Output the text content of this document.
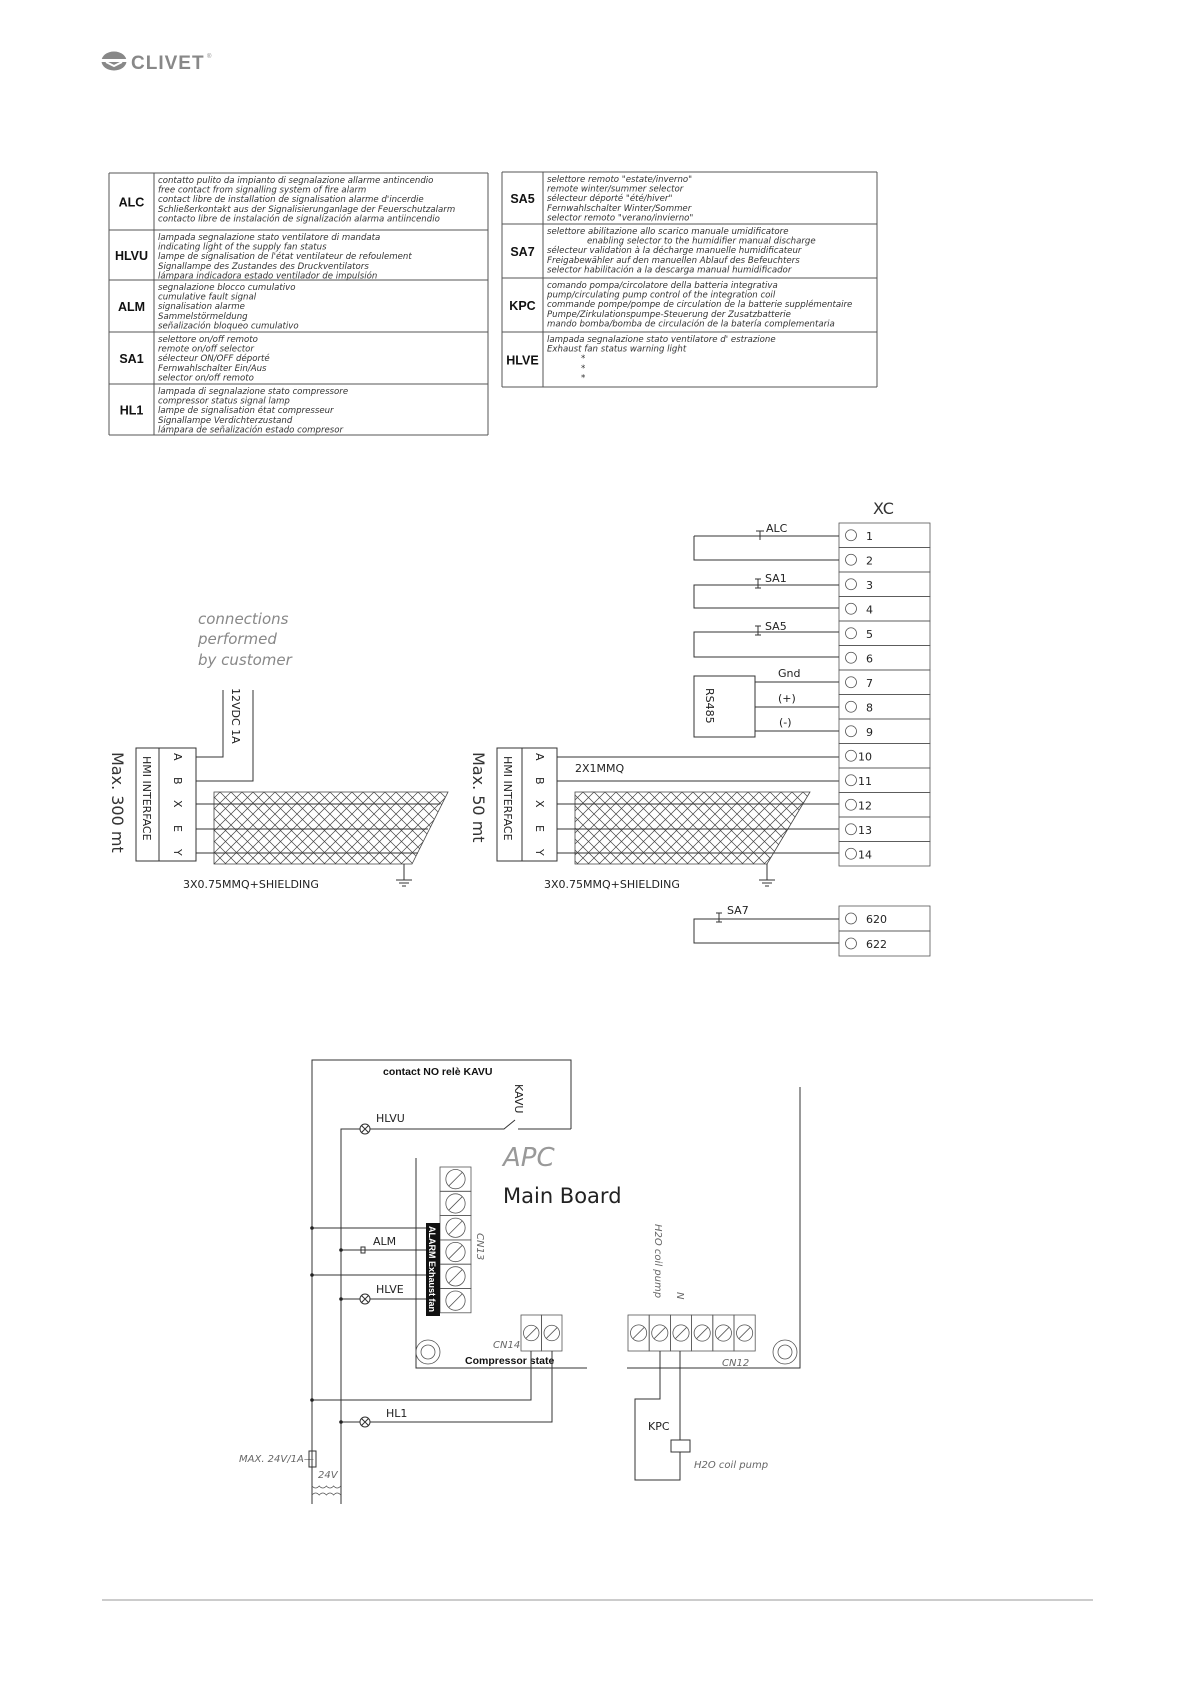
CLIVET ®
ALC
contatto pulito da impianto di segnalazione allarme antincendio
free contact from signalling system of fire alarm
contact libre de installation de signalisation alarme d'incerdie
Schließerkontakt aus der Signalisierunganlage der Feuerschutzalarm
contacto libre de instalación de signalización alarma antiincendio
HLVU
lampada segnalazione stato ventilatore di mandata
indicating light of the supply fan status
lampe de signalisation de l'état ventilateur de refoulement
Signallampe des Zustandes des Druckventilators
lámpara indicadora estado ventilador de impulsión
ALM
segnalazione blocco cumulativo
cumulative fault signal
signalisation alarme
Sammelstörmeldung
señalización bloqueo cumulativo
SA1
selettore on/off remoto
remote on/off selector
sélecteur ON/OFF déporté
Fernwahlschalter Ein/Aus
selector on/off remoto
HL1
lampada di segnalazione stato compressore
compressor status signal lamp
lampe de signalisation état compresseur
Signallampe Verdichterzustand
lámpara de señalización estado compresor
SA5
selettore remoto "estate/inverno"
remote winter/summer selector
sélecteur déporté "été/hiver"
Fernwahlschalter Winter/Sommer
selector remoto "verano/invierno"
SA7
selettore abilitazione allo scarico manuale umidificatore
enabling selector to the humidifier manual discharge
sélecteur validation à la décharge manuelle humidificateur
Freigabewähler auf den manuellen Ablauf des Befeuchters
selector habilitación a la descarga manual humidificador
KPC
comando pompa/circolatore della batteria integrativa
pump/circulating pump control of the integration coil
commande pompe/pompe de circulation de la batterie supplémentaire
Pumpe/Zirkulationspumpe-Steuerung der Zusatzbatterie
mando bomba/bomba de circulación de la batería complementaria
HLVE
lampada segnalazione stato ventilatore d' estrazione
Exhaust fan status warning light
*
*
*
connections
performed
by customer
HMI INTERFACE A
B
X
E
Y
Max. 300 mt
12VDC 1A
3X0.75MMQ+SHIELDING
HMI INTERFACE A
B
X
E
Y
Max. 50 mt	2X1MMQ
3X0.75MMQ+SHIELDING
XC
1
2
3
4
5
6
7
8
9
10
11
12
13
14
620
622
ALC
SA1
SA5
RS485
Gnd
(+)
(-)
SA7
contact NO relè KAVU
KAVU
HLVU
APC
Main Board
ALARM Exhaust fan	CN13
ALM
HLVE
CN14
Compressor state
HL1
CN12
H2O coil pump N
KPC
H2O coil pump
MAX. 24V/1A—
24V
